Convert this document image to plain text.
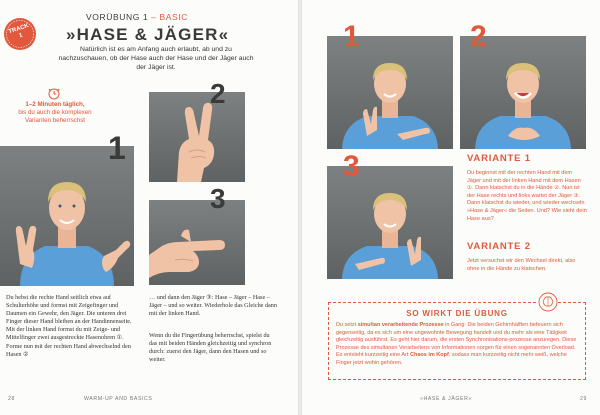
TRACK
1
VORÜBUNG 1 – BASIC
»HASE & JÄGER«
Natürlich ist es am Anfang auch erlaubt, ab und zu nachzuschauen, ob der Hase auch der Hase und der Jäger auch der Jäger ist.
1–2 Minuten täglich,
bis du auch die komplexen Varianten beherrschst
2
3
1
Du hebst die rechte Hand seitlich etwa auf Schulterhöhe und formst mit Zeigefinger und Daumen ein Gewehr, den Jäger. Die unteren drei Finger dieser Hand bleiben an der Handinnenseite. Mit der linken Hand formst du mit Zeige- und Mittelfinger zwei ausgestreckte Hasenohren ①. Forme nun mit der rechten Hand abwechselnd den Hasen ②
… und dann den Jäger ③: Hase – Jäger – Hase – Jäger – und so weiter. Wiederhole das Gleiche dann mit der linken Hand.
Wenn du die Fingerübung beherrschst, spielst du das mit beiden Händen gleichzeitig und synchron durch: zuerst den Jäger, dann den Hasen und so weiter.
28	WARM-UP AND BASICS
1	2
3	VARIANTE 1
Du beginnst mit der rechten Hand mit dem Jäger und mit der linken Hand mit dem Hasen ①. Dann klatschst du in die Hände ②. Nun ist der Hase rechts und links wartet der Jäger ③. Dann klatschst du wieder, und wieder wechseln »Hase & Jäger« die Seiten. Und? Wie sieht dein Hase aus?
VARIANTE 2
Jetzt versuchst wir den Wechsel direkt, also ohne in die Hände zu klatschen.
SO WIRKT DIE ÜBUNG
Du setzt simultan verarbeitende Prozesse in Gang: Die beiden Gehirnhälften befeuern sich gegenseitig, da es sich um eine ungewohnte Bewegung handelt und du mehr als eine Tätigkeit gleichzeitig ausführst. Es geht hier darum, die ersten Synchronisations-prozesse anzuregen. Diese Prozesse des simultanen Verarbeitens von Informationen sorgen für einen sogenannten Overload. Es entsteht kurzzeitig eine Art Chaos im Kopf, sodass man kurzzeitig nicht mehr weiß, welche Finger jetzt wohin gehören.
»HASE & JÄGER«	29
